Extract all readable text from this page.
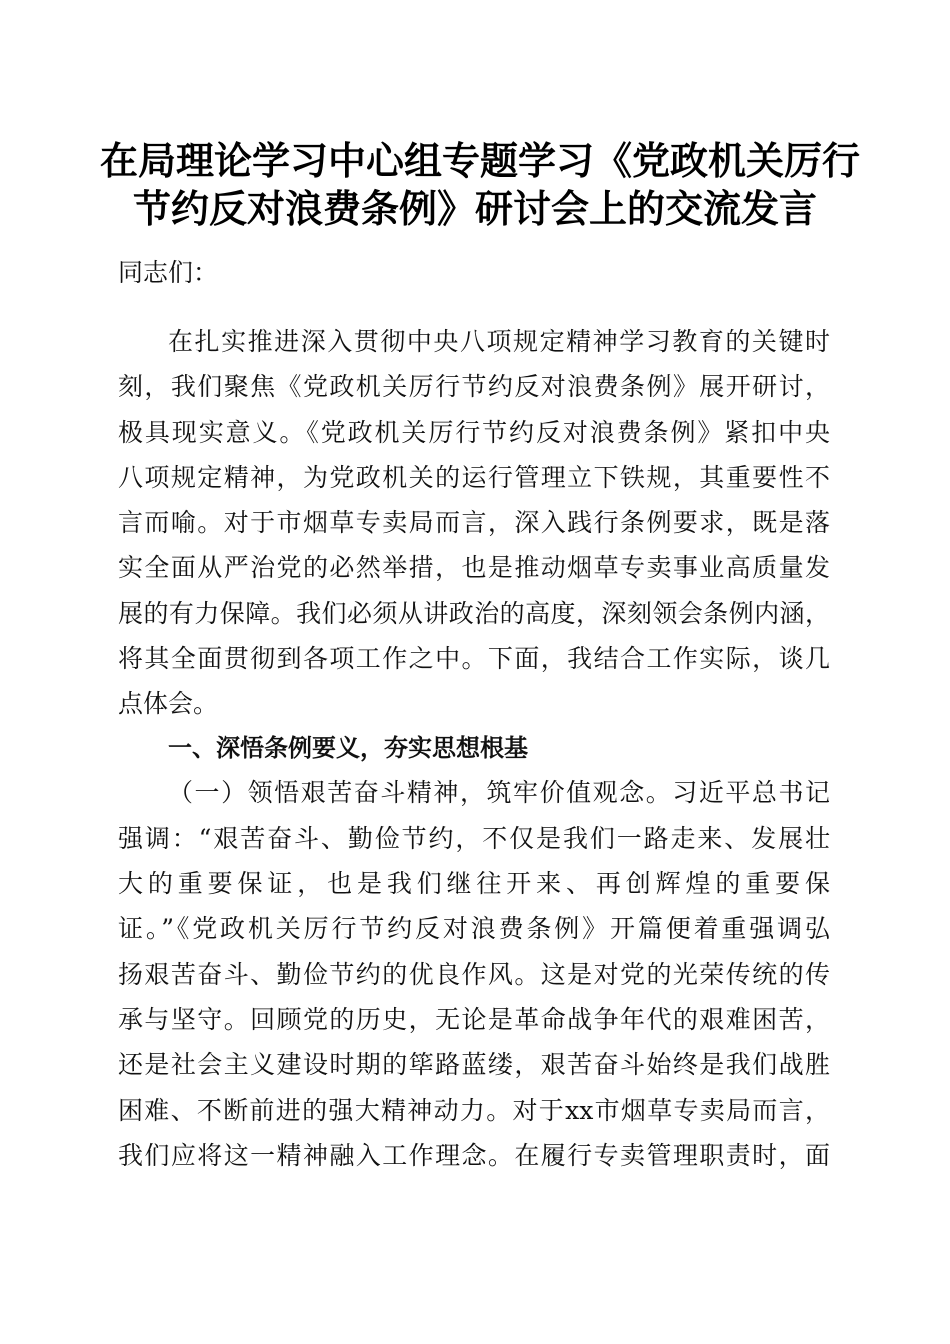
在局理论学习中心组专题学习《党政机关厉行
节约反对浪费条例》研讨会上的交流发言

同志们：

在扎实推进深入贯彻中央八项规定精神学习教育的关键时

刻，我们聚焦《党政机关厉行节约反对浪费条例》展开研讨，

极具现实意义。《党政机关厉行节约反对浪费条例》紧扣中央

八项规定精神，为党政机关的运行管理立下铁规，其重要性不

言而喻。对于市烟草专卖局而言，深入践行条例要求，既是落

实全面从严治党的必然举措，也是推动烟草专卖事业高质量发

展的有力保障。我们必须从讲政治的高度，深刻领会条例内涵，

将其全面贯彻到各项工作之中。下面，我结合工作实际，谈几

点体会。

一、深悟条例要义，夯实思想根基

（一）领悟艰苦奋斗精神，筑牢价值观念。习近平总书记

强调：“艰苦奋斗、勤俭节约，不仅是我们一路走来、发展壮

大的重要保证，也是我们继往开来、再创辉煌的重要保

证。”《党政机关厉行节约反对浪费条例》开篇便着重强调弘

扬艰苦奋斗、勤俭节约的优良作风。这是对党的光荣传统的传

承与坚守。回顾党的历史，无论是革命战争年代的艰难困苦，

还是社会主义建设时期的筚路蓝缕，艰苦奋斗始终是我们战胜

困难、不断前进的强大精神动力。对于xx市烟草专卖局而言，

我们应将这一精神融入工作理念。在履行专卖管理职责时，面
